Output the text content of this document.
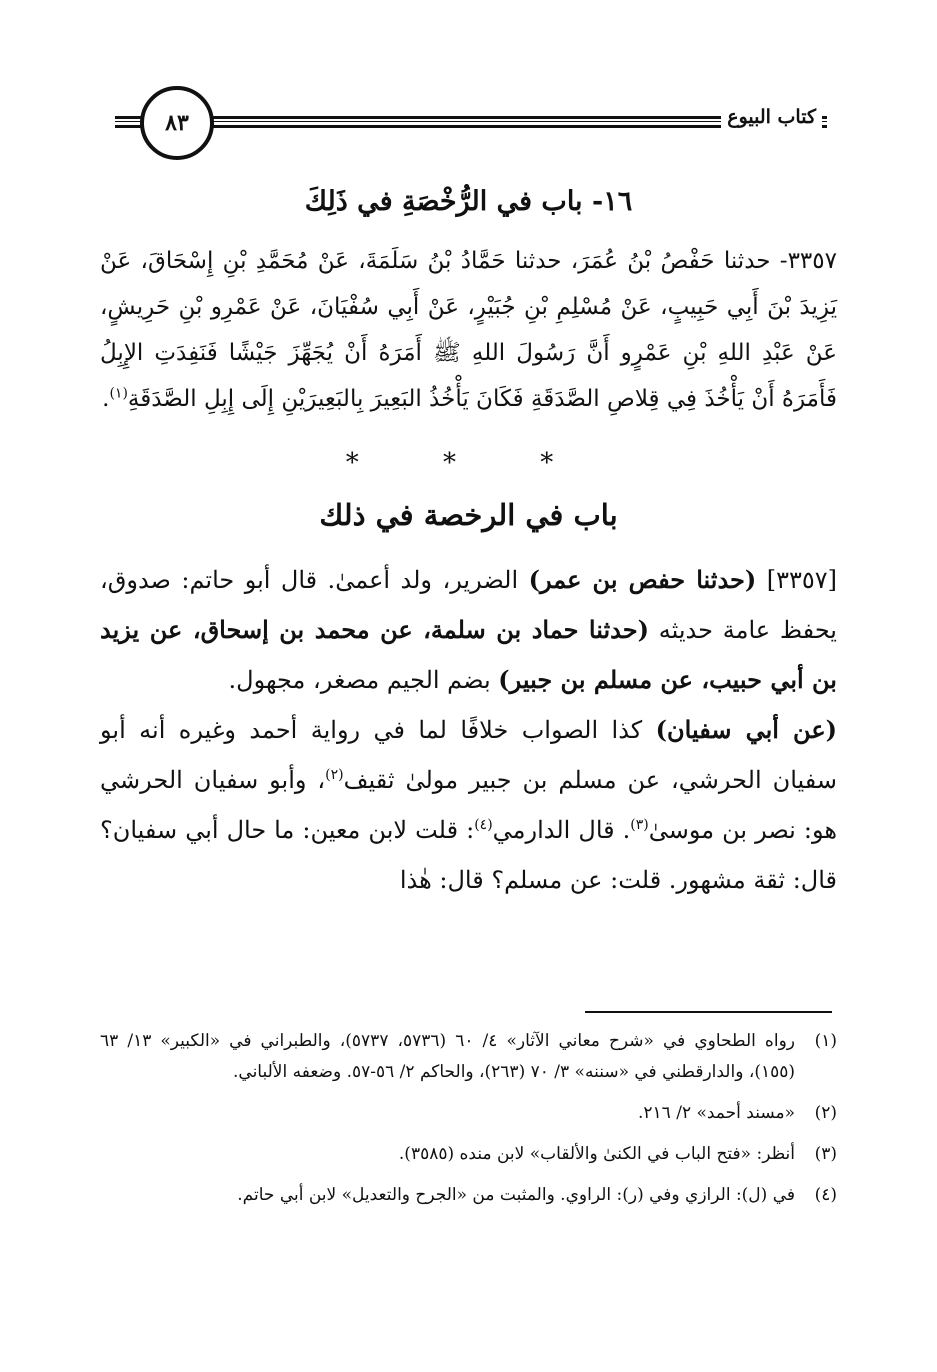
كتاب البيوع
٨٣
١٦- باب في الرُّخْصَةِ في ذَلِكَ
٣٣٥٧- حدثنا حَفْصُ بْنُ عُمَرَ، حدثنا حَمَّادُ بْنُ سَلَمَةَ، عَنْ مُحَمَّدِ بْنِ إِسْحَاقَ، عَنْ يَزِيدَ بْنَ أَبِي حَبِيبٍ، عَنْ مُسْلِمِ بْنِ جُبَيْرٍ، عَنْ أَبِي سُفْيَانَ، عَنْ عَمْرِو بْنِ حَرِيشٍ، عَنْ عَبْدِ اللهِ بْنِ عَمْرٍو أَنَّ رَسُولَ اللهِ ﷺ أَمَرَهُ أَنْ يُجَهِّزَ جَيْشًا فَنَفِدَتِ الإِبِلُ فَأَمَرَهُ أَنْ يَأْخُذَ فِي قِلاصِ الصَّدَقَةِ فَكَانَ يَأْخُذُ البَعِيرَ بِالبَعِيرَيْنِ إِلَى إِبِلِ الصَّدَقَةِ$^{(١)}$.
* * *
باب في الرخصة في ذلك

[٣٣٥٧] (حدثنا حفص بن عمر) الضرير، ولد أعمىٰ. قال أبو حاتم: صدوق، يحفظ عامة حديثه (حدثنا حماد بن سلمة، عن محمد بن إسحاق، عن يزيد بن أبي حبيب، عن مسلم بن جبير) بضم الجيم مصغر، مجهول.

(عن أبي سفيان) كذا الصواب خلافًا لما في رواية أحمد وغيره أنه أبو سفيان الحرشي، عن مسلم بن جبير مولىٰ ثقيف$^{(٢)}$، وأبو سفيان الحرشي هو: نصر بن موسىٰ$^{(٣)}$. قال الدارمي$^{(٤)}$: قلت لابن معين: ما حال أبي سفيان؟ قال: ثقة مشهور. قلت: عن مسلم؟ قال: هٰذا

(١)
رواه الطحاوي في «شرح معاني الآثار» ٤/ ٦٠ (٥٧٣٦، ٥٧٣٧)، والطبراني في «الكبير» ١٣/ ٦٣ (١٥٥)، والدارقطني في «سننه» ٣/ ٧٠ (٢٦٣)، والحاكم ٢/ ٥٦-٥٧. وضعفه الألباني.
(٢)
«مسند أحمد» ٢/ ٢١٦.
(٣)
أنظر: «فتح الباب في الكنىٰ والألقاب» لابن منده (٣٥٨٥).
(٤)
في (ل): الرازي وفي (ر): الراوي. والمثبت من «الجرح والتعديل» لابن أبي حاتم.
